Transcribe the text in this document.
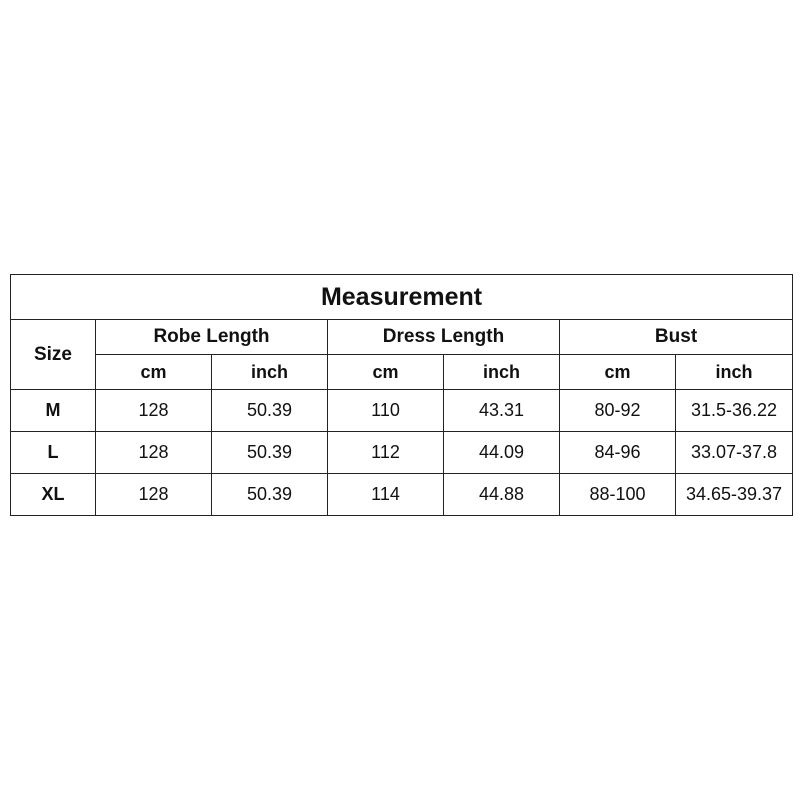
Measurement						
Size	Robe Length		Dress Length		Bust	
	cm	inch	cm	inch	cm	inch
M	128	50.39	110	43.31	80-92	31.5-36.22
L	128	50.39	112	44.09	84-96	33.07-37.8
XL	128	50.39	114	44.88	88-100	34.65-39.37
